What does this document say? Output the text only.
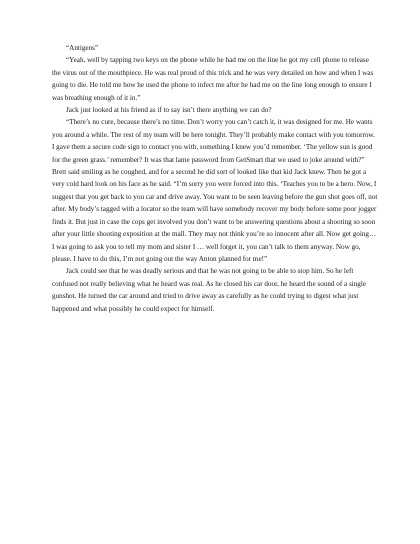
“Antigens”

“Yeah, well by tapping two keys on the phone while he had me on the line he got my cell phone to release the virus out of the mouthpiece. He was real proud of this trick and he was very detailed on how and when I was going to die. He told me how he used the phone to infect me after he had me on the line long enough to ensure I was breathing enough of it in.”

Jack just looked at his friend as if to say isn’t there anything we can do?

“There’s no cure, because there’s no time. Don’t worry you can’t catch it, it was designed for me. He wants you around a while. The rest of my team will be here tonight. They’ll probably make contact with you tomorrow. I gave them a secure code sign to contact you with, something I knew you’d remember. ‘The yellow sun is good for the green grass.’ remember? It was that lame password from GetSmart that we used to joke around with?” Brett said smiling as he coughed, and for a second he did sort of looked like that kid Jack knew. Then he got a very cold hard look on his face as he said. “I’m sorry you were forced into this. ‘Teaches you to be a hero. Now, I suggest that you get back to you car and drive away. You want to be seen leaving before the gun shot goes off, not after. My body’s tagged with a locator so the team will have somebody recover my body before some poor jogger finds it. But just in case the cops get involved you don’t want to be answering questions about a shooting so soon after your little shooting exposition at the mall. They may not think you’re so innocent after all. Now get going…I was going to ask you to tell my mom and sister I … well forget it, you can’t talk to them anyway. Now go, please. I have to do this, I’m not going out the way Anton planned for me!”

Jack could see that he was deadly serious and that he was not going to be able to stop him. So he left confused not really believing what he heard was real. As he closed his car door, he heard the sound of a single gunshot. He turned the car around and tried to drive away as carefully as he could trying to digest what just happened and what possibly he could expect for himself.
